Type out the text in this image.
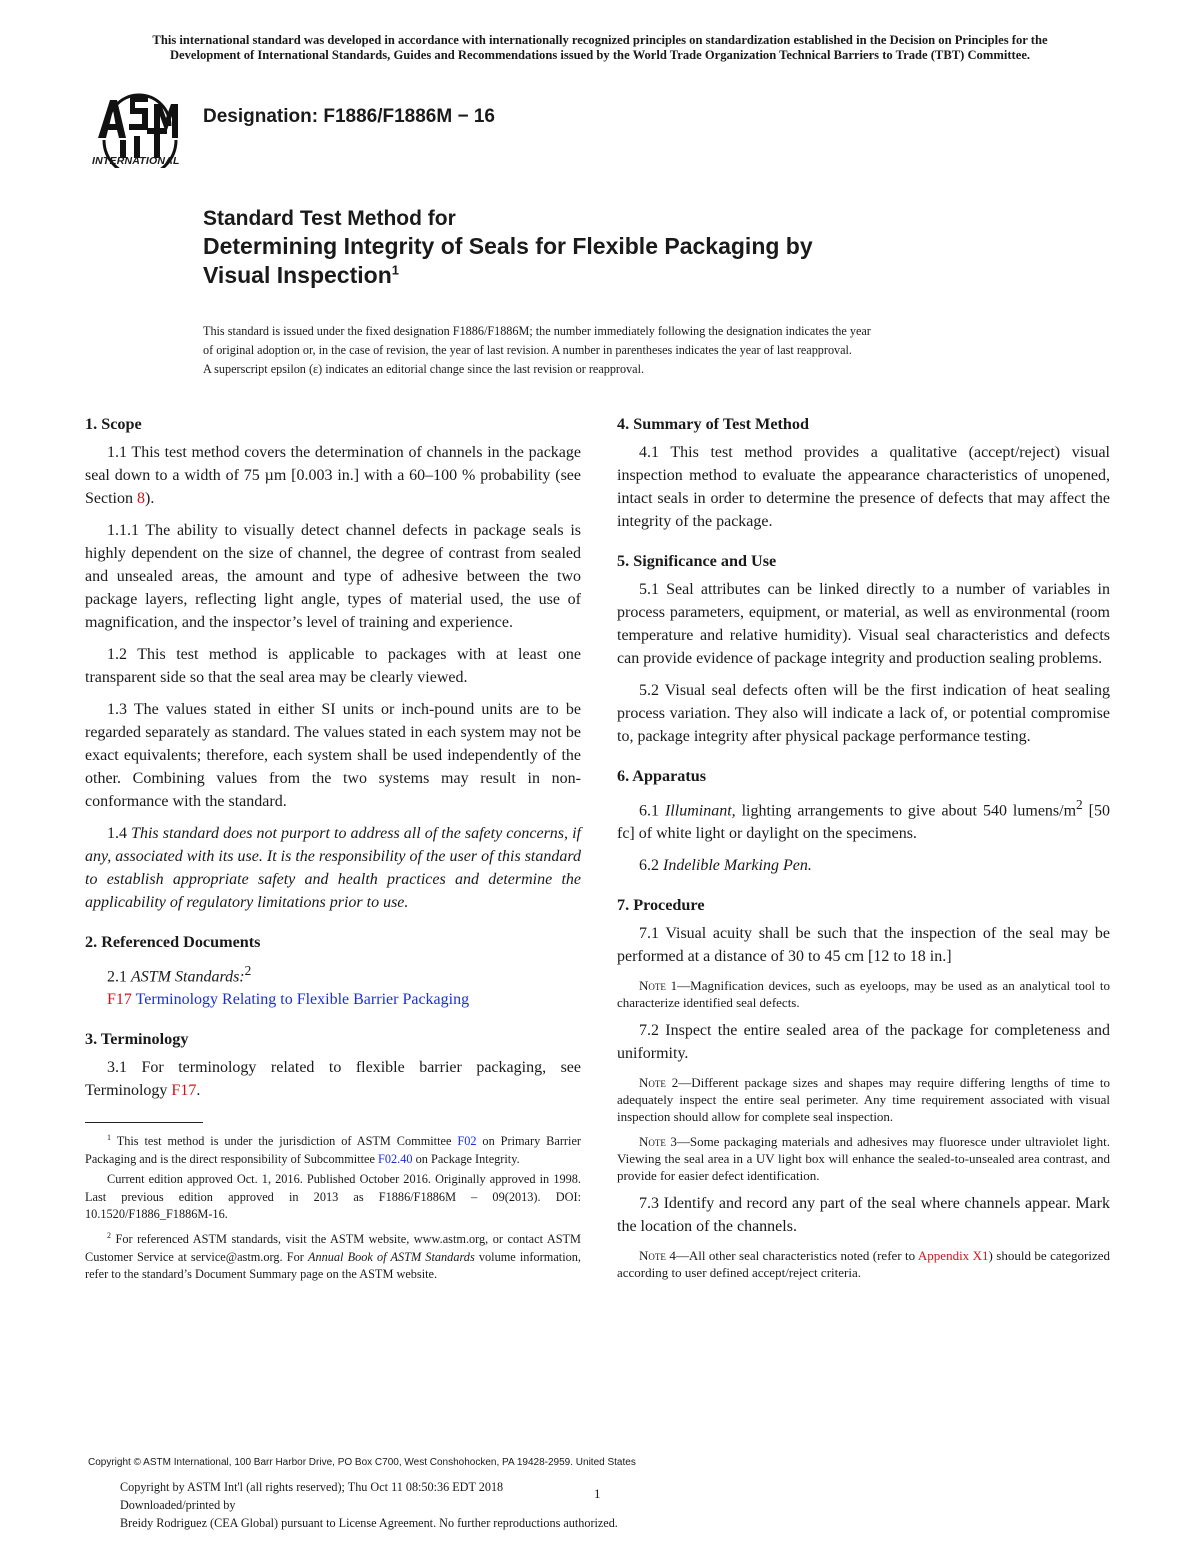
This international standard was developed in accordance with internationally recognized principles on standardization established in the Decision on Principles for the
Development of International Standards, Guides and Recommendations issued by the World Trade Organization Technical Barriers to Trade (TBT) Committee.
INTERNATIONAL
Designation: F1886/F1886M − 16
Standard Test Method for
Determining Integrity of Seals for Flexible Packaging by
Visual Inspection$^1$
This standard is issued under the fixed designation F1886/F1886M; the number immediately following the designation indicates the year
of original adoption or, in the case of revision, the year of last revision. A number in parentheses indicates the year of last reapproval.
A superscript epsilon (ε) indicates an editorial change since the last revision or reapproval.
1. Scope

1.1 This test method covers the determination of channels in the package seal down to a width of 75 µm [0.003 in.] with a 60–100 % probability (see Section 8).

1.1.1 The ability to visually detect channel defects in package seals is highly dependent on the size of channel, the degree of contrast from sealed and unsealed areas, the amount and type of adhesive between the two package layers, reflecting light angle, types of material used, the use of magnification, and the inspector’s level of training and experience.

1.2 This test method is applicable to packages with at least one transparent side so that the seal area may be clearly viewed.

1.3 The values stated in either SI units or inch-pound units are to be regarded separately as standard. The values stated in each system may not be exact equivalents; therefore, each system shall be used independently of the other. Combining values from the two systems may result in non-conformance with the standard.

1.4 This standard does not purport to address all of the safety concerns, if any, associated with its use. It is the responsibility of the user of this standard to establish appropriate safety and health practices and determine the applicability of regulatory limitations prior to use.

2. Referenced Documents

2.1 ASTM Standards:$^2$

F17 Terminology Relating to Flexible Barrier Packaging

3. Terminology

3.1 For terminology related to flexible barrier packaging, see Terminology F17.

$^1$ This test method is under the jurisdiction of ASTM Committee F02 on Primary Barrier Packaging and is the direct responsibility of Subcommittee F02.40 on Package Integrity.
Current edition approved Oct. 1, 2016. Published October 2016. Originally approved in 1998. Last previous edition approved in 2013 as F1886/F1886M – 09(2013). DOI: 10.1520/F1886_F1886M-16.
$^2$ For referenced ASTM standards, visit the ASTM website, www.astm.org, or contact ASTM Customer Service at service@astm.org. For Annual Book of ASTM Standards volume information, refer to the standard’s Document Summary page on the ASTM website.
4. Summary of Test Method

4.1 This test method provides a qualitative (accept/reject) visual inspection method to evaluate the appearance characteristics of unopened, intact seals in order to determine the presence of defects that may affect the integrity of the package.

5. Significance and Use

5.1 Seal attributes can be linked directly to a number of variables in process parameters, equipment, or material, as well as environmental (room temperature and relative humidity). Visual seal characteristics and defects can provide evidence of package integrity and production sealing problems.

5.2 Visual seal defects often will be the first indication of heat sealing process variation. They also will indicate a lack of, or potential compromise to, package integrity after physical package performance testing.

6. Apparatus

6.1 Illuminant, lighting arrangements to give about 540 lumens/$m^2$ [50 fc] of white light or daylight on the specimens.

6.2 Indelible Marking Pen.

7. Procedure

7.1 Visual acuity shall be such that the inspection of the seal may be performed at a distance of 30 to 45 cm [12 to 18 in.]

Note 1—Magnification devices, such as eyeloops, may be used as an analytical tool to characterize identified seal defects.

7.2 Inspect the entire sealed area of the package for completeness and uniformity.

Note 2—Different package sizes and shapes may require differing lengths of time to adequately inspect the entire seal perimeter. Any time requirement associated with visual inspection should allow for complete seal inspection.
Note 3—Some packaging materials and adhesives may fluoresce under ultraviolet light. Viewing the seal area in a UV light box will enhance the sealed-to-unsealed area contrast, and provide for easier defect identification.

7.3 Identify and record any part of the seal where channels appear. Mark the location of the channels.

Note 4—All other seal characteristics noted (refer to Appendix X1) should be categorized according to user defined accept/reject criteria.
Copyright © ASTM International, 100 Barr Harbor Drive, PO Box C700, West Conshohocken, PA 19428-2959. United States
Copyright by ASTM Int'l (all rights reserved); Thu Oct 11 08:50:36 EDT 2018
Downloaded/printed by
Breidy Rodriguez (CEA Global) pursuant to License Agreement. No further reproductions authorized.
1
